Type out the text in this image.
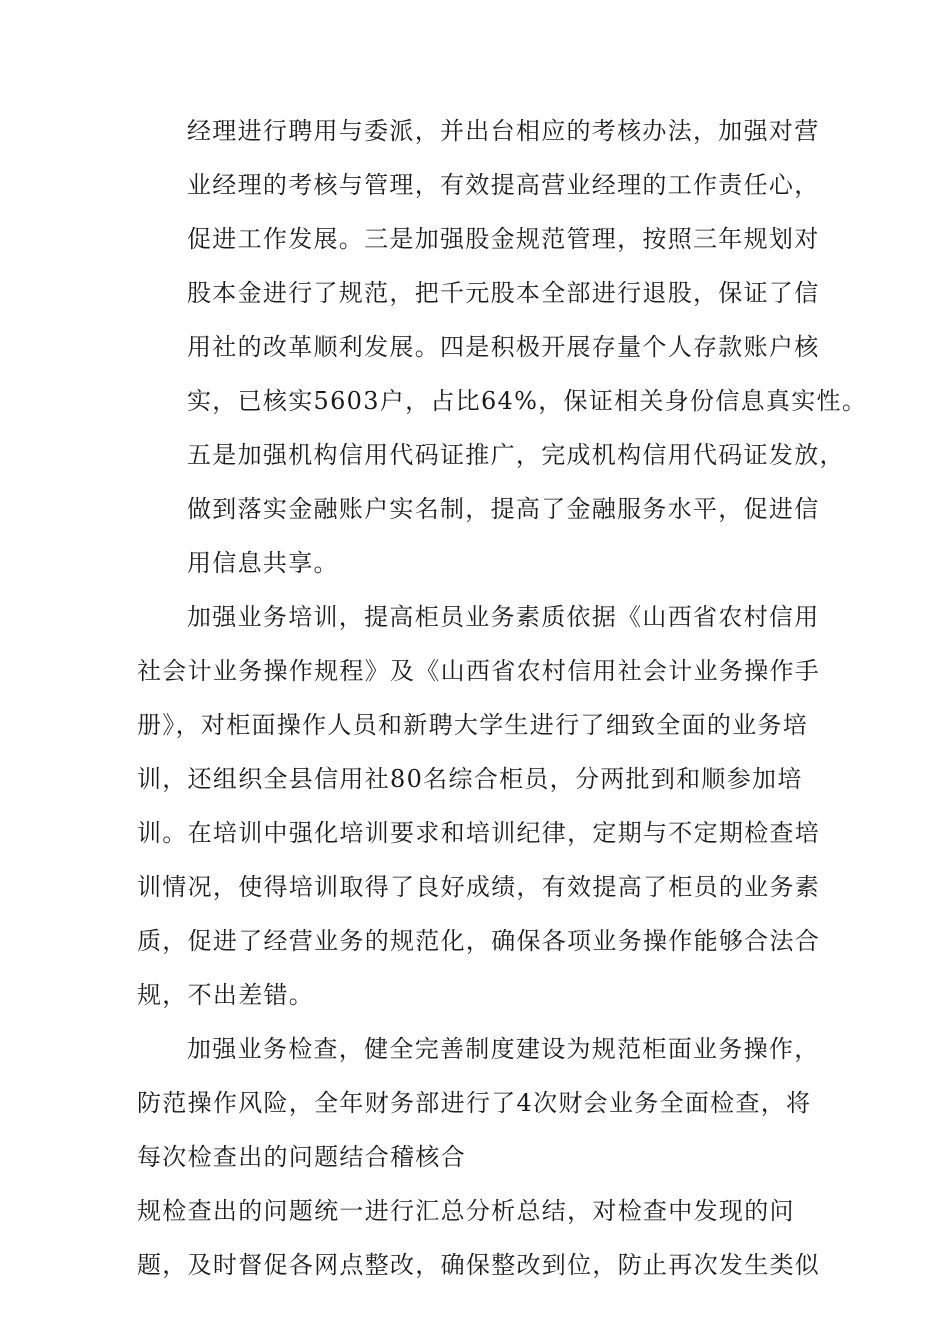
经理进行聘用与委派，并出台相应的考核办法，加强对营
业经理的考核与管理，有效提高营业经理的工作责任心，
促进工作发展。三是加强股金规范管理，按照三年规划对
股本金进行了规范，把千元股本全部进行退股，保证了信
用社的改革顺利发展。四是积极开展存量个人存款账户核
实，已核实5603户，占比64%，保证相关身份信息真实性。
五是加强机构信用代码证推广，完成机构信用代码证发放，
做到落实金融账户实名制，提高了金融服务水平，促进信
用信息共享。
加强业务培训，提高柜员业务素质依据《山西省农村信用
社会计业务操作规程》及《山西省农村信用社会计业务操作手
册》，对柜面操作人员和新聘大学生进行了细致全面的业务培
训，还组织全县信用社80名综合柜员，分两批到和顺参加培
训。在培训中强化培训要求和培训纪律，定期与不定期检查培
训情况，使得培训取得了良好成绩，有效提高了柜员的业务素
质，促进了经营业务的规范化，确保各项业务操作能够合法合
规，不出差错。
加强业务检查，健全完善制度建设为规范柜面业务操作，
防范操作风险，全年财务部进行了4次财会业务全面检查，将
每次检查出的问题结合稽核合
规检查出的问题统一进行汇总分析总结，对检查中发现的问
题，及时督促各网点整改，确保整改到位，防止再次发生类似
